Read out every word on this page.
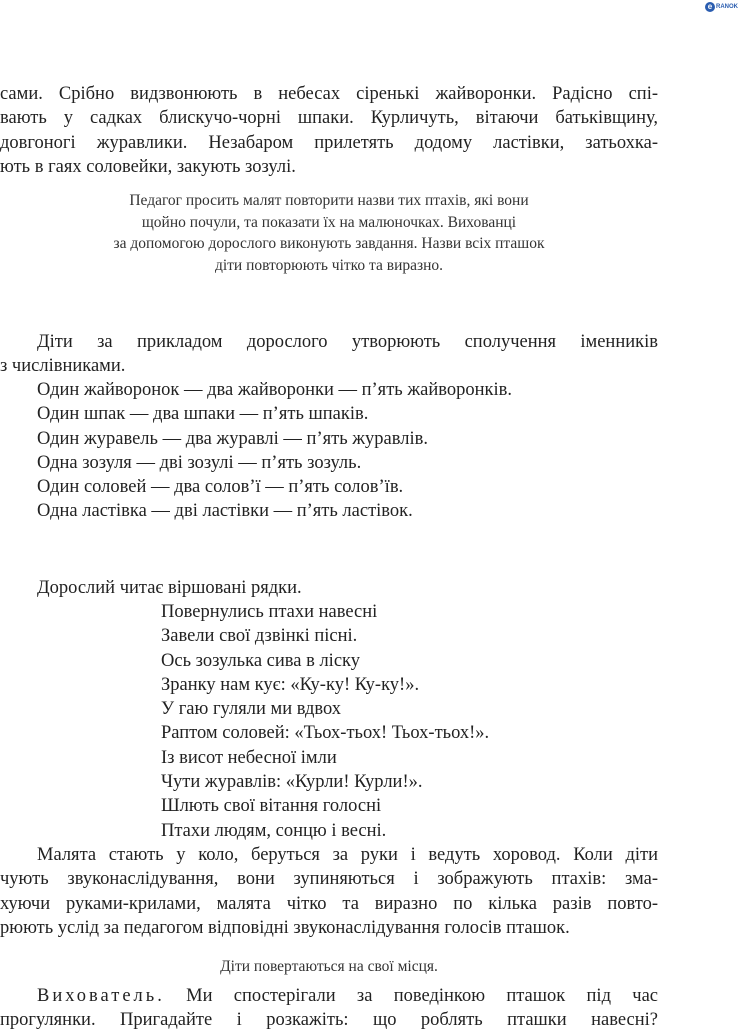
e RANOK
сами. Срібно видзвонюють в небесах сіренькі жайворонки. Радісно спі-
вають у садках блискучо-чорні шпаки. Курличуть, вітаючи батьківщину,
довгоногі журавлики. Незабаром прилетять додому ластівки, затьохка-
ють в гаях соловейки, закують зозулі.
Педагог просить малят повторити назви тих птахів, які вони
щойно почули, та показати їх на малюночках. Вихованці
за допомогою дорослого виконують завдання. Назви всіх пташок
діти повторюють чітко та виразно.
Діти за прикладом дорослого утворюють сполучення іменників
з числівниками.
Один жайворонок — два жайворонки — п’ять жайворонків.
Один шпак — два шпаки — п’ять шпаків.
Один журавель — два журавлі — п’ять журавлів.
Одна зозуля — дві зозулі — п’ять зозуль.
Один соловей — два солов’ї — п’ять солов’їв.
Одна ластівка — дві ластівки — п’ять ластівок.
Дорослий читає віршовані рядки.
Повернулись птахи навесні
Завели свої дзвінкі пісні.
Ось зозулька сива в ліску
Зранку нам кує: «Ку-ку! Ку-ку!».
У гаю гуляли ми вдвох
Раптом соловей: «Тьох-тьох! Тьох-тьох!».
Із висот небесної імли
Чути журавлів: «Курли! Курли!».
Шлють свої вітання голосні
Птахи людям, сонцю і весні.
Малята стають у коло, беруться за руки і ведуть хоровод. Коли діти
чують звуконаслідування, вони зупиняються і зображують птахів: зма-
хуючи руками-крилами, малята чітко та виразно по кілька разів повто-
рюють услід за педагогом відповідні звуконаслідування голосів пташок.
Діти повертаються на свої місця.
Вихователь. Ми спостерігали за поведінкою пташок під час
прогулянки. Пригадайте і розкажіть: що роблять пташки навесні?
